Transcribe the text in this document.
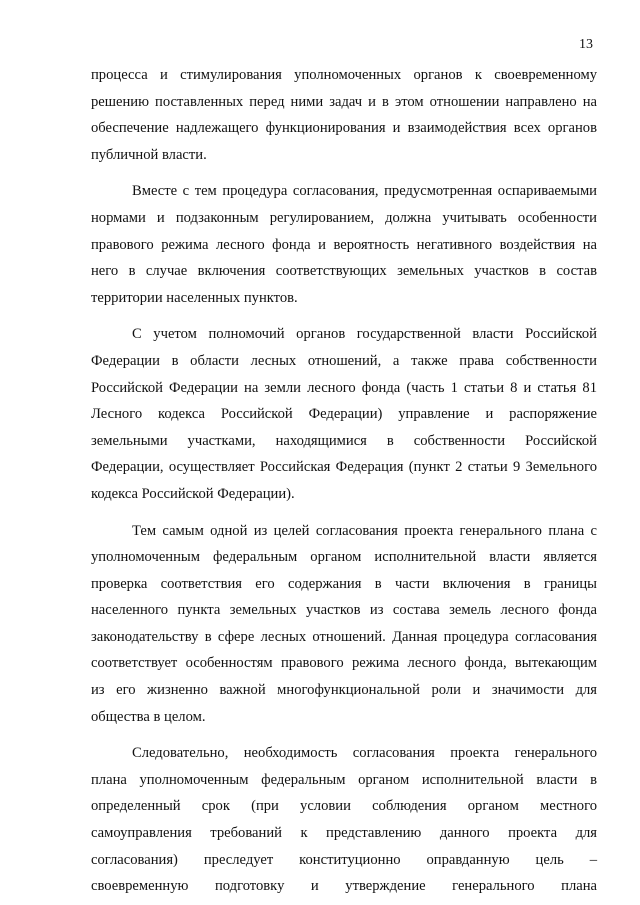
13
процесса и стимулирования уполномоченных органов к своевременному
решению поставленных перед ними задач и в этом отношении направлено на
обеспечение надлежащего функционирования и взаимодействия всех органов
публичной власти.
Вместе с тем процедура согласования, предусмотренная оспариваемыми
нормами и подзаконным регулированием, должна учитывать особенности
правового режима лесного фонда и вероятность негативного воздействия на
него в случае включения соответствующих земельных участков в состав
территории населенных пунктов.
С учетом полномочий органов государственной власти Российской
Федерации в области лесных отношений, а также права собственности
Российской Федерации на земли лесного фонда (часть 1 статьи 8 и статья 81
Лесного кодекса Российской Федерации) управление и распоряжение
земельными участками, находящимися в собственности Российской
Федерации, осуществляет Российская Федерация (пункт 2 статьи 9 Земельного
кодекса Российской Федерации).
Тем самым одной из целей согласования проекта генерального плана с
уполномоченным федеральным органом исполнительной власти является
проверка соответствия его содержания в части включения в границы
населенного пункта земельных участков из состава земель лесного фонда
законодательству в сфере лесных отношений. Данная процедура согласования
соответствует особенностям правового режима лесного фонда, вытекающим
из его жизненно важной многофункциональной роли и значимости для
общества в целом.
Следовательно, необходимость согласования проекта генерального
плана уполномоченным федеральным органом исполнительной власти в
определенный срок (при условии соблюдения органом местного
самоуправления требований к представлению данного проекта для
согласования) преследует конституционно оправданную цель –
своевременную подготовку и утверждение генерального плана
